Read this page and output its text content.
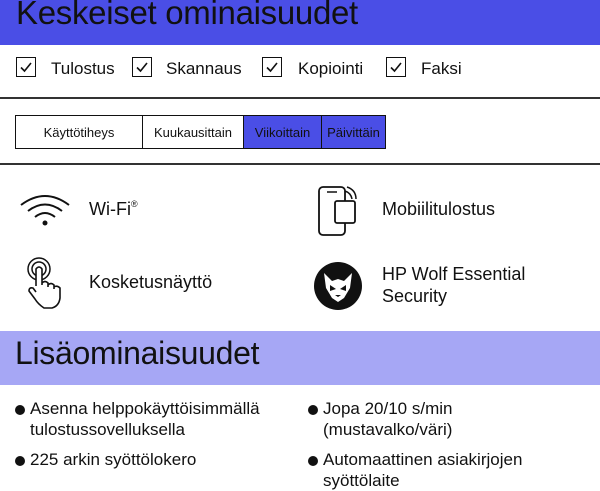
Keskeiset ominaisuudet
Tulostus	Skannaus	Kopiointi	Faksi
Käyttötiheys	Kuukausittain	Viikoittain	Päivittäin
Wi-Fi®	Mobiilitulostus
Kosketusnäyttö	HP Wolf Essential
Security
Lisäominaisuudet
Asenna helppokäyttöisimmällä
tulostussovelluksella
Jopa 20/10 s/min
(mustavalko/väri)
225 arkin syöttölokero	Automaattinen asiakirjojen
syöttölaite
